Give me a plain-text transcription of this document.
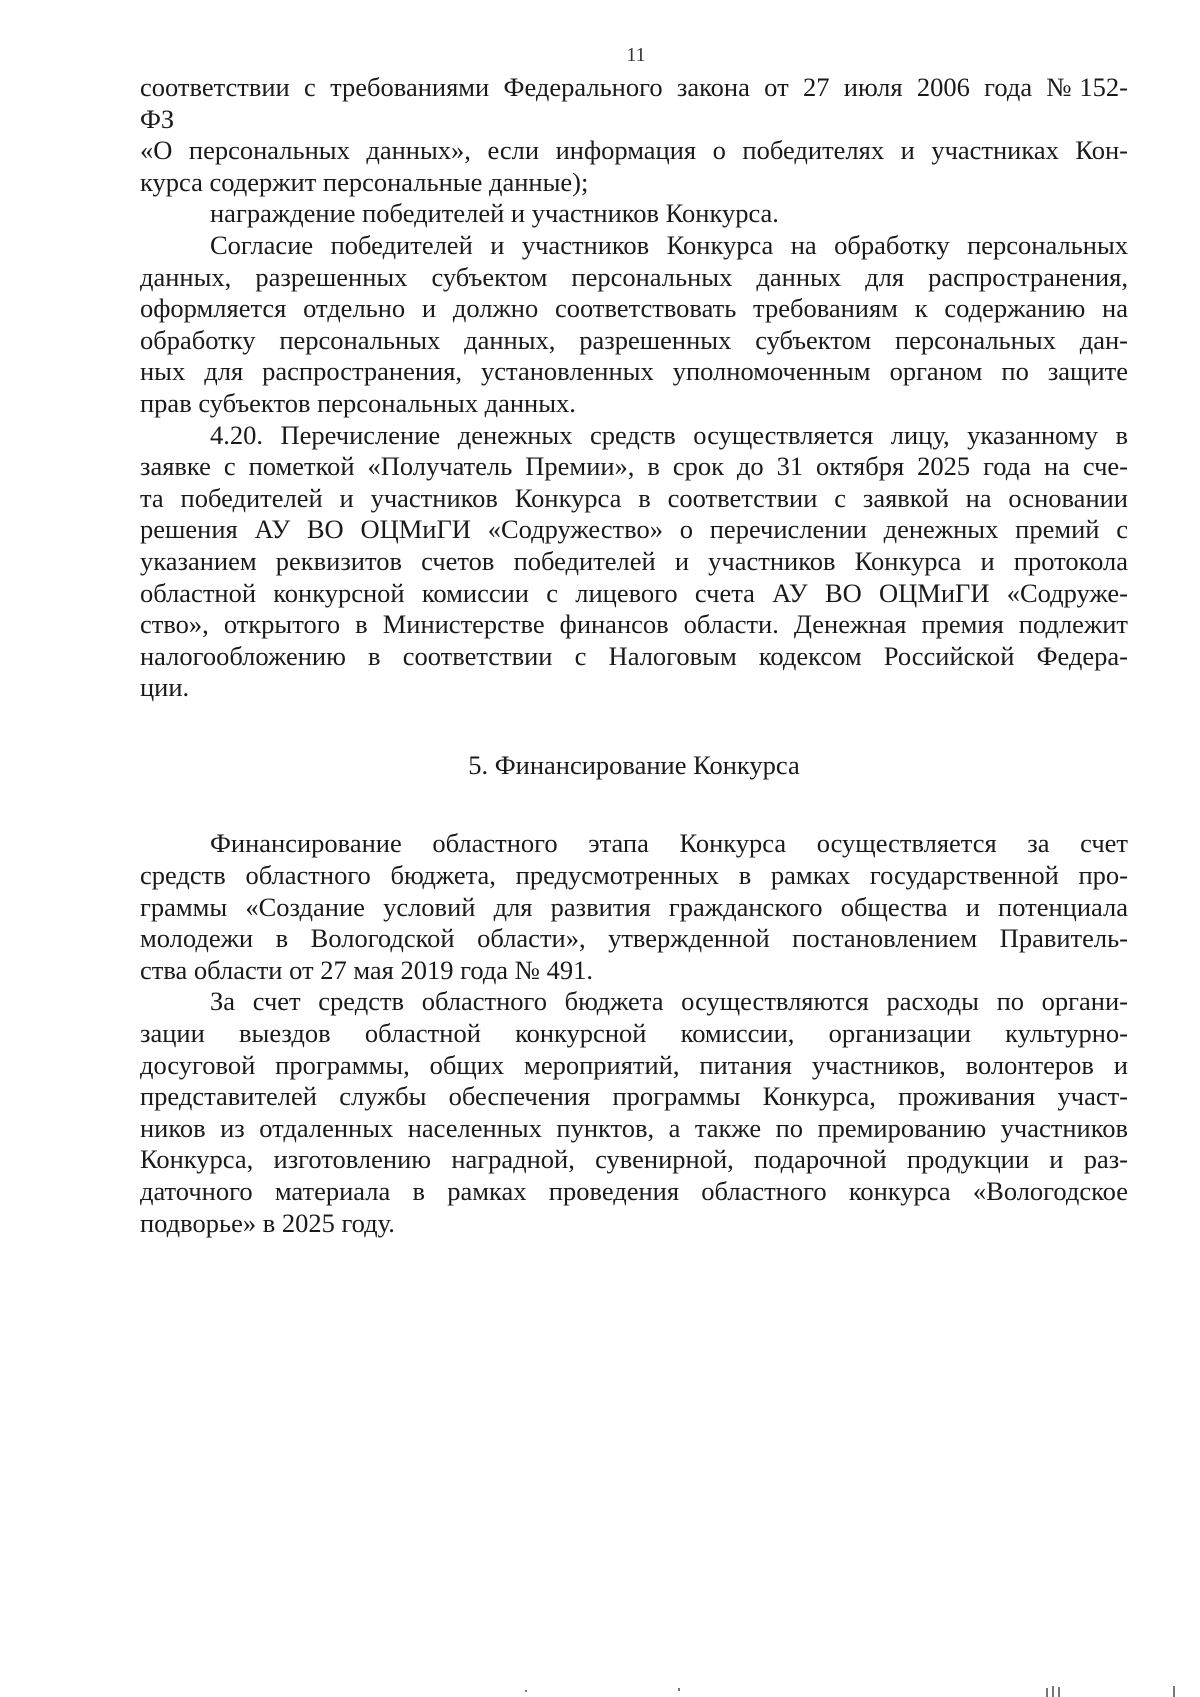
11

соответствии с требованиями Федерального закона от 27 июля 2006 года №152-
ФЗ

«О персональных данных», если информация о победителях и участниках Кон-
курса содержит персональные данные);

награждение победителей и участников Конкурса.

Согласие победителей и участников Конкурса на обработку персональных
данных, разрешенных субъектом персональных данных для распространения,
оформляется отдельно и должно соответствовать требованиям к содержанию на
обработку персональных данных, разрешенных субъектом персональных дан-
ных для распространения, установленных уполномоченным органом по защите
прав субъектов персональных данных.

4.20. Перечисление денежных средств осуществляется лицу, указанному в
заявке с пометкой «Получатель Премии», в срок до 31 октября 2025 года на сче-
та победителей и участников Конкурса в соответствии с заявкой на основании
решения АУ ВО ОЦМиГИ «Содружество» о перечислении денежных премий с
указанием реквизитов счетов победителей и участников Конкурса и протокола
областной конкурсной комиссии с лицевого счета АУ ВО ОЦМиГИ «Содруже-
ство», открытого в Министерстве финансов области. Денежная премия подлежит
налогообложению в соответствии с Налоговым кодексом Российской Федера-
ции.

5. Финансирование Конкурса

Финансирование областного этапа Конкурса осуществляется за счет
средств областного бюджета, предусмотренных в рамках государственной про-
граммы «Создание условий для развития гражданского общества и потенциала
молодежи в Вологодской области», утвержденной постановлением Правитель-
ства области от 27 мая 2019 года № 491.

За счет средств областного бюджета осуществляются расходы по органи-
зации выездов областной конкурсной комиссии, организации культурно-
досуговой программы, общих мероприятий, питания участников, волонтеров и
представителей службы обеспечения программы Конкурса, проживания участ-
ников из отдаленных населенных пунктов, а также по премированию участников
Конкурса, изготовлению наградной, сувенирной, подарочной продукции и раз-
даточного материала в рамках проведения областного конкурса «Вологодское
подворье» в 2025 году.
